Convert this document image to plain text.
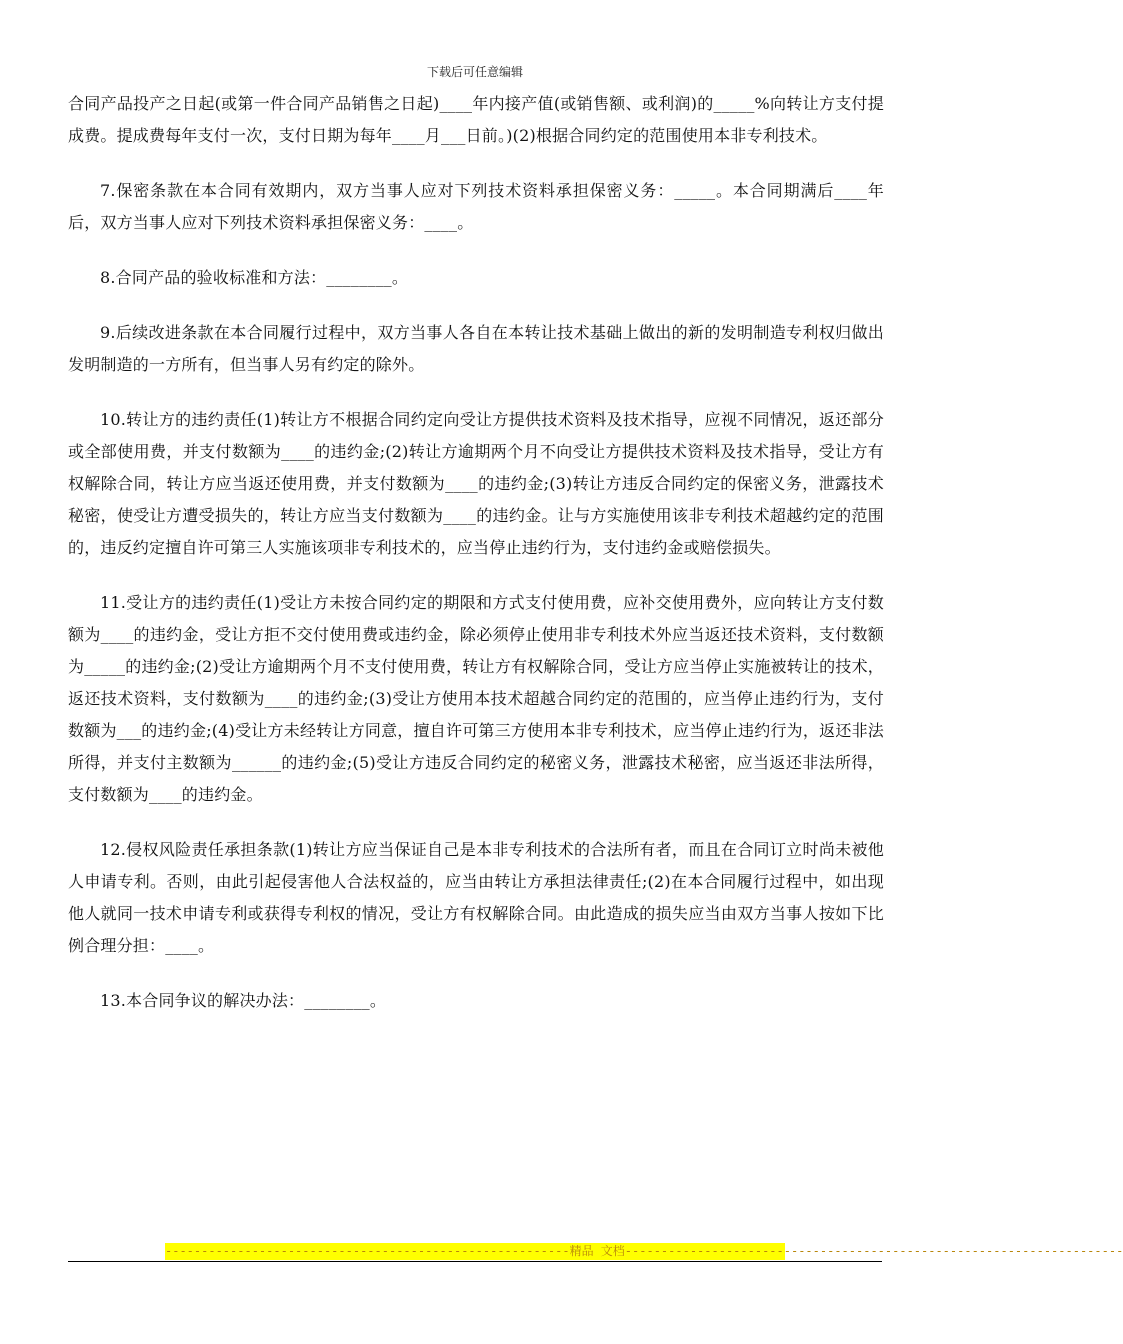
下载后可任意编辑

合同产品投产之日起(或第一件合同产品销售之日起)____年内接产值(或销售额、或利润)的_____%向转让方支付提成费。提成费每年支付一次，支付日期为每年____月___日前。)(2)根据合同约定的范围使用本非专利技术。

7.保密条款在本合同有效期内，双方当事人应对下列技术资料承担保密义务：_____。本合同期满后____年后，双方当事人应对下列技术资料承担保密义务：____。

8.合同产品的验收标准和方法：________。

9.后续改进条款在本合同履行过程中，双方当事人各自在本转让技术基础上做出的新的发明制造专利权归做出发明制造的一方所有，但当事人另有约定的除外。

10.转让方的违约责任(1)转让方不根据合同约定向受让方提供技术资料及技术指导，应视不同情况，返还部分或全部使用费，并支付数额为____的违约金;(2)转让方逾期两个月不向受让方提供技术资料及技术指导，受让方有权解除合同，转让方应当返还使用费，并支付数额为____的违约金;(3)转让方违反合同约定的保密义务，泄露技术秘密，使受让方遭受损失的，转让方应当支付数额为____的违约金。让与方实施使用该非专利技术超越约定的范围的，违反约定擅自许可第三人实施该项非专利技术的，应当停止违约行为，支付违约金或赔偿损失。

11.受让方的违约责任(1)受让方未按合同约定的期限和方式支付使用费，应补交使用费外，应向转让方支付数额为____的违约金，受让方拒不交付使用费或违约金，除必须停止使用非专利技术外应当返还技术资料，支付数额为_____的违约金;(2)受让方逾期两个月不支付使用费，转让方有权解除合同，受让方应当停止实施被转让的技术，返还技术资料，支付数额为____的违约金;(3)受让方使用本技术超越合同约定的范围的，应当停止违约行为，支付数额为___的违约金;(4)受让方未经转让方同意，擅自许可第三方使用本非专利技术，应当停止违约行为，返还非法所得，并支付主数额为______的违约金;(5)受让方违反合同约定的秘密义务，泄露技术秘密，应当返还非法所得，支付数额为____的违约金。

12.侵权风险责任承担条款(1)转让方应当保证自己是本非专利技术的合法所有者，而且在合同订立时尚未被他人申请专利。否则，由此引起侵害他人合法权益的，应当由转让方承担法律责任;(2)在本合同履行过程中，如出现他人就同一技术申请专利或获得专利权的情况，受让方有权解除合同。由此造成的损失应当由双方当事人按如下比例合理分担：____。

13.本合同争议的解决办法：________。

--------------------------------------------------------精品 文档---------------------------------------------------------------------
